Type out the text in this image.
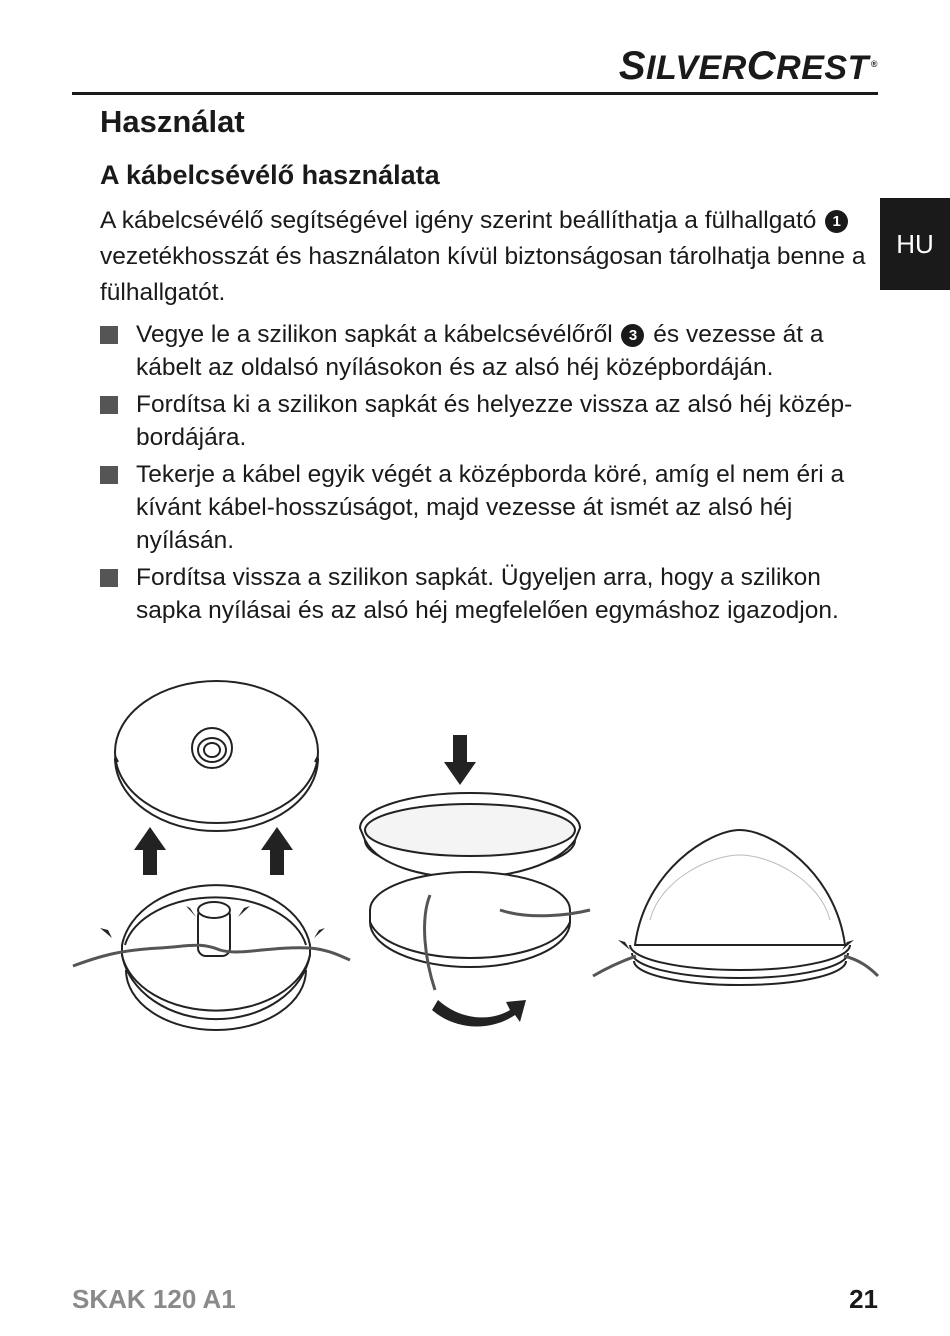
SILVERCREST ®
HU
Használat
A kábelcsévélő használata

A kábelcsévélő segítségével igény szerint beállíthatja a fülhallgató 1 vezetékhosszát és használaton kívül biztonságosan tárolhatja benne a fülhallgatót.

Vegye le a szilikon sapkát a kábelcsévélőről 3 és vezesse át a kábelt az oldalsó nyílásokon és az alsó héj középbordáján.
Fordítsa ki a szilikon sapkát és helyezze vissza az alsó héj középbordájára.
Tekerje a kábel egyik végét a középborda köré, amíg el nem éri a kívánt kábel-hosszúságot, majd vezesse át ismét az alsó héj nyílásán.
Fordítsa vissza a szilikon sapkát. Ügyeljen arra, hogy a szilikon sapka nyílásai és az alsó héj megfelelően egymáshoz igazodjon.
SKAK 120 A1	21
